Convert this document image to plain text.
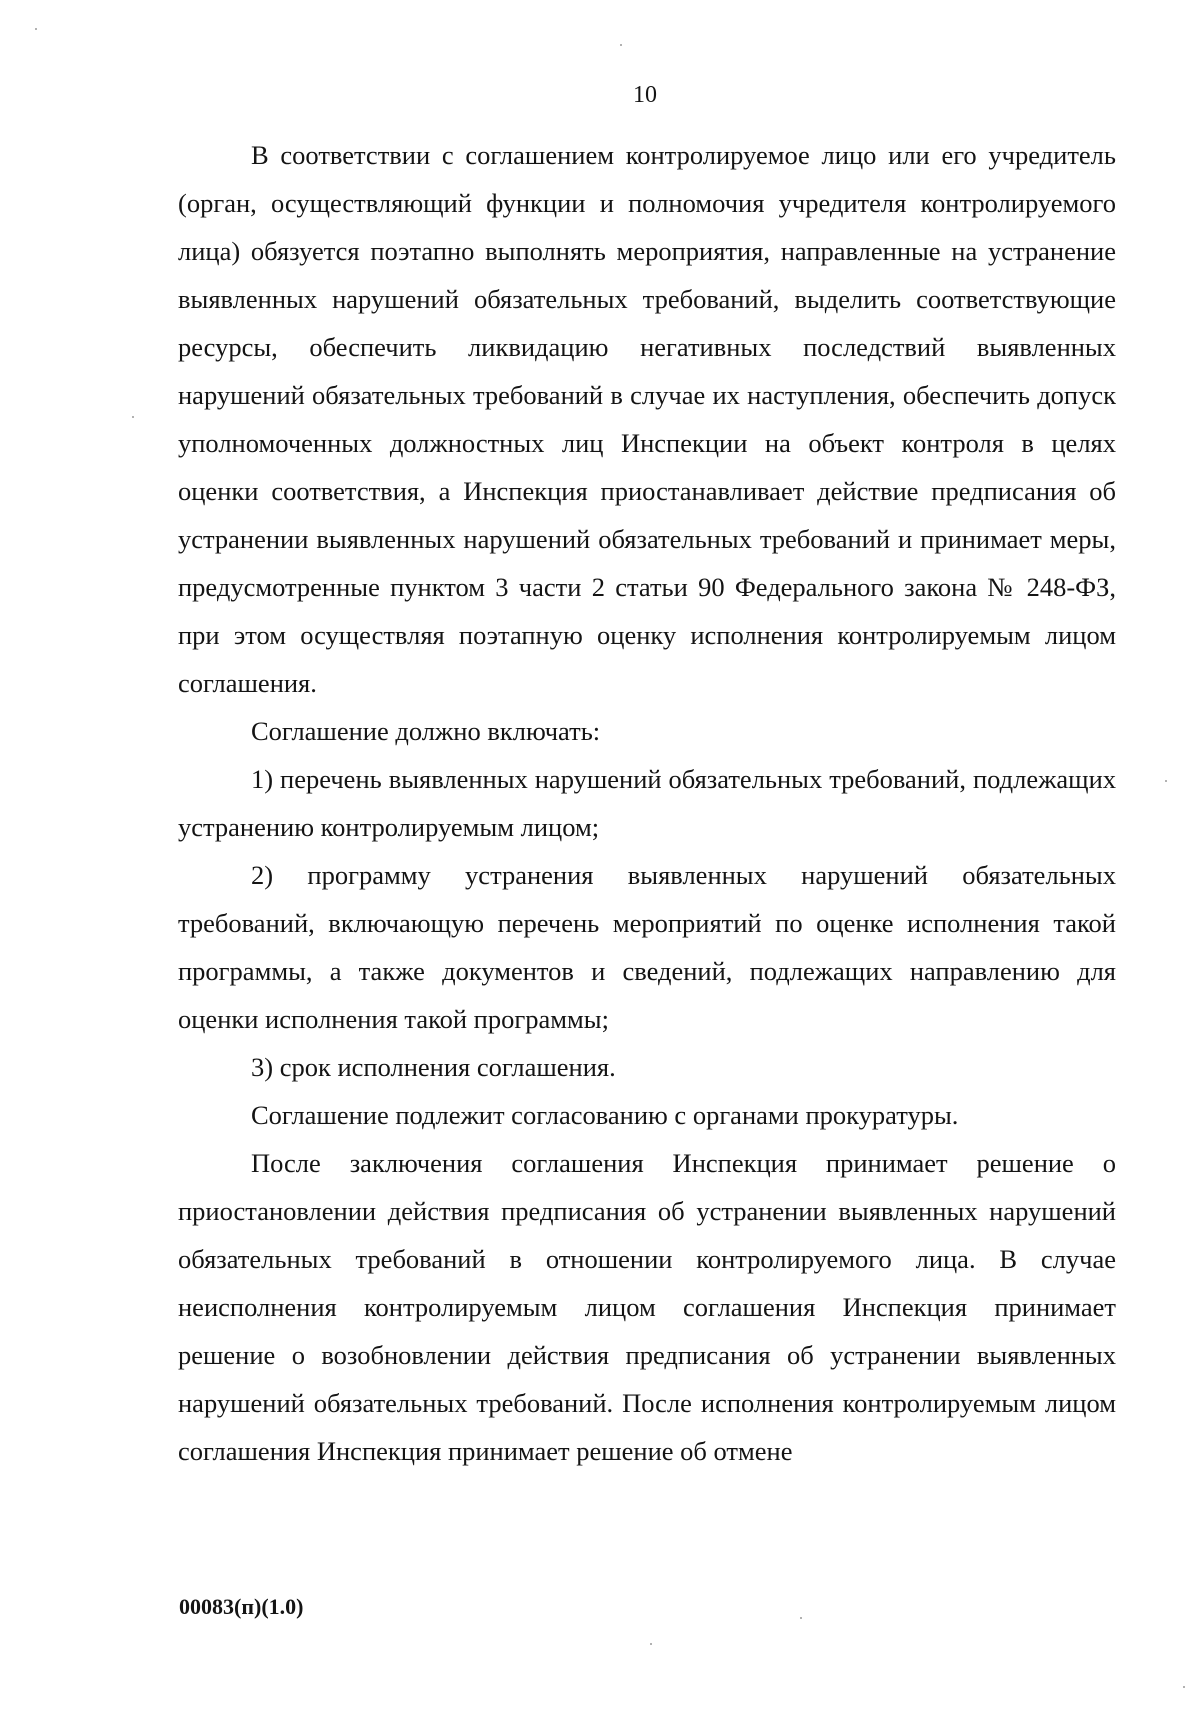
10

В соответствии с соглашением контролируемое лицо или его учредитель (орган, осуществляющий функции и полномочия учредителя контролируемого лица) обязуется поэтапно выполнять мероприятия, направленные на устранение выявленных нарушений обязательных требований, выделить соответствующие ресурсы, обеспечить ликвидацию негативных последствий выявленных нарушений обязательных требований в случае их наступления, обеспечить допуск уполномоченных должностных лиц Инспекции на объект контроля в целях оценки соответствия, а Инспекция приостанавливает действие предписания об устранении выявленных нарушений обязательных требований и принимает меры, предусмотренные пунктом 3 части 2 статьи 90 Федерального закона № 248-ФЗ, при этом осуществляя поэтапную оценку исполнения контролируемым лицом соглашения.

Соглашение должно включать:

1) перечень выявленных нарушений обязательных требований, подлежащих устранению контролируемым лицом;

2) программу устранения выявленных нарушений обязательных требований, включающую перечень мероприятий по оценке исполнения такой программы, а также документов и сведений, подлежащих направлению для оценки исполнения такой программы;

3) срок исполнения соглашения.

Соглашение подлежит согласованию с органами прокуратуры.

После заключения соглашения Инспекция принимает решение о приостановлении действия предписания об устранении выявленных нарушений обязательных требований в отношении контролируемого лица. В случае неисполнения контролируемым лицом соглашения Инспекция принимает решение о возобновлении действия предписания об устранении выявленных нарушений обязательных требований. После исполнения контролируемым лицом соглашения Инспекция принимает решение об отмене

00083(п)(1.0)
